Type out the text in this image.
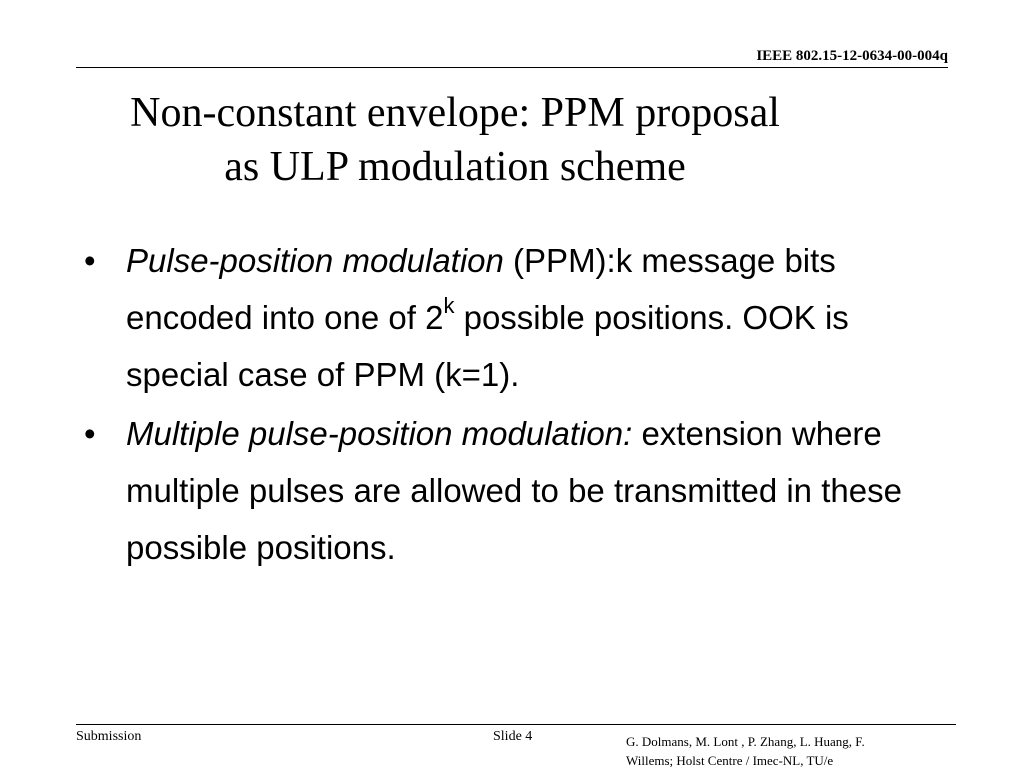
IEEE 802.15-12-0634-00-004q
Non-constant envelope: PPM proposal
as ULP modulation scheme
• Pulse-position modulation (PPM):k message bits encoded into one of 2$^k$ possible positions. OOK is special case of PPM (k=1).
• Multiple pulse-position modulation: extension where multiple pulses are allowed to be transmitted in these possible positions.
Submission	Slide 4	G. Dolmans, M. Lont , P. Zhang, L. Huang, F.
Willems; Holst Centre / Imec-NL, TU/e
